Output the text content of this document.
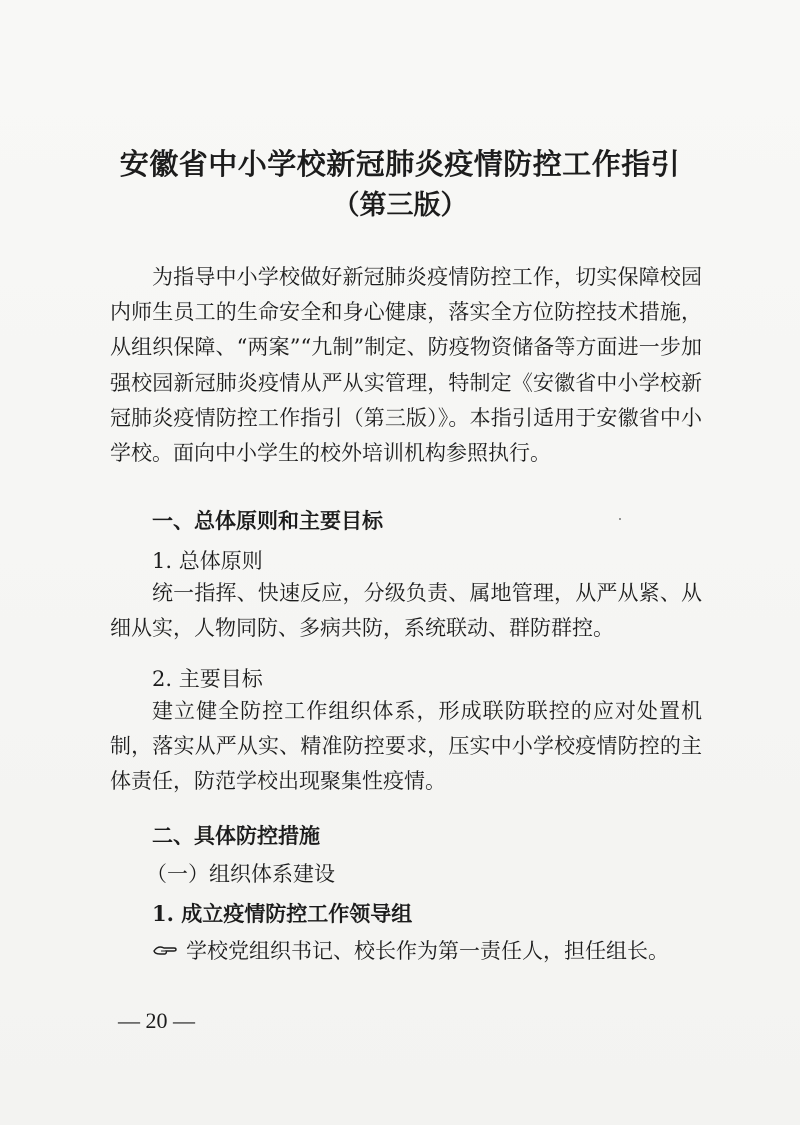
安徽省中小学校新冠肺炎疫情防控工作指引
（第三版）
为指导中小学校做好新冠肺炎疫情防控工作，切实保障校园内师生员工的生命安全和身心健康，落实全方位防控技术措施，从组织保障、“两案”“九制”制定、防疫物资储备等方面进一步加强校园新冠肺炎疫情从严从实管理，特制定《安徽省中小学校新冠肺炎疫情防控工作指引（第三版）》。本指引适用于安徽省中小学校。面向中小学生的校外培训机构参照执行。
一、总体原则和主要目标
1. 总体原则
统一指挥、快速反应，分级负责、属地管理，从严从紧、从细从实，人物同防、多病共防，系统联动、群防群控。
2. 主要目标
建立健全防控工作组织体系，形成联防联控的应对处置机制，落实从严从实、精准防控要求，压实中小学校疫情防控的主体责任，防范学校出现聚集性疫情。
二、具体防控措施
（一）组织体系建设
1. 成立疫情防控工作领导组
学校党组织书记、校长作为第一责任人，担任组长。
— 20 —
